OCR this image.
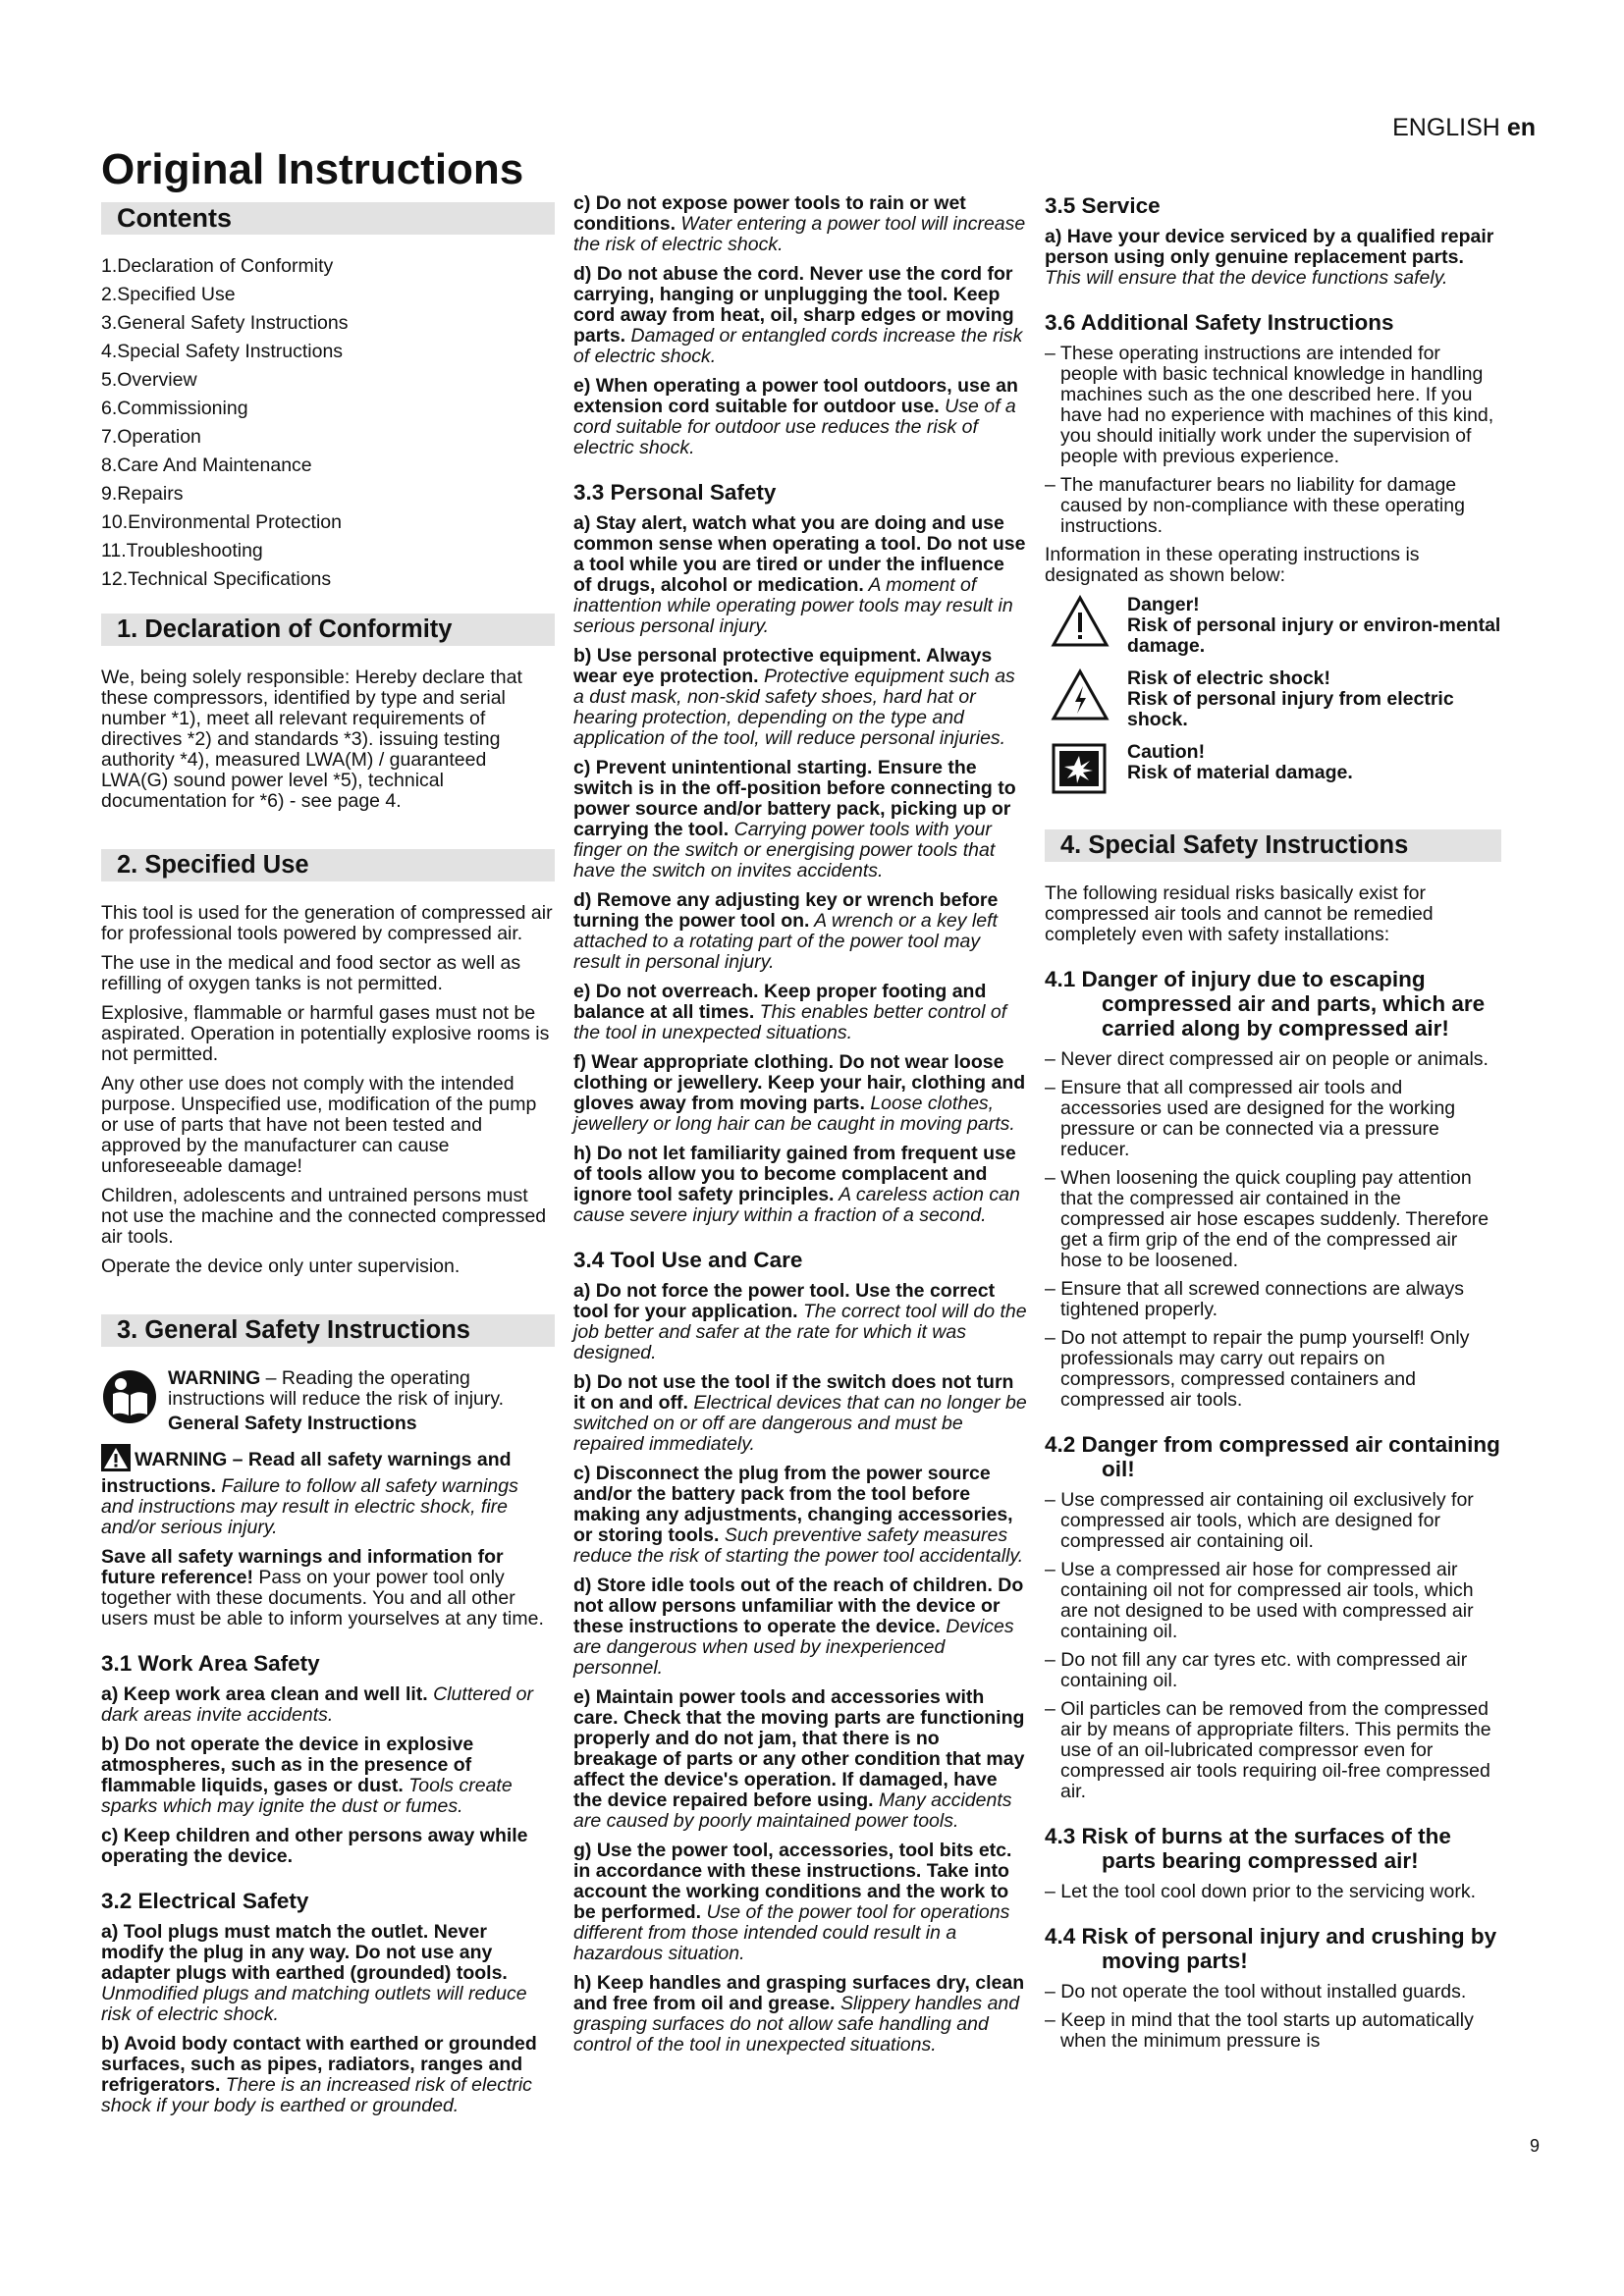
ENGLISH en
Original Instructions
Contents
1.Declaration of Conformity
2.Specified Use
3.General Safety Instructions
4.Special Safety Instructions
5.Overview
6.Commissioning
7.Operation
8.Care And Maintenance
9.Repairs
10.Environmental Protection
11.Troubleshooting
12.Technical Specifications
1. Declaration of Conformity

We, being solely responsible: Hereby declare that these compressors, identified by type and serial number *1), meet all relevant requirements of directives *2) and standards *3). issuing testing authority *4), measured LWA(M) / guaranteed LWA(G) sound power level *5), technical documentation for *6) - see page 4.

2. Specified Use

This tool is used for the generation of compressed air for professional tools powered by compressed air.

The use in the medical and food sector as well as refilling of oxygen tanks is not permitted.

Explosive, flammable or harmful gases must not be aspirated. Operation in potentially explosive rooms is not permitted.

Any other use does not comply with the intended purpose. Unspecified use, modification of the pump or use of parts that have not been tested and approved by the manufacturer can cause unforeseeable damage!

Children, adolescents and untrained persons must not use the machine and the connected compressed air tools.

Operate the device only unter supervision.

3. General Safety Instructions
WARNING – Reading the operating instructions will reduce the risk of injury.
General Safety Instructions

WARNING – Read all safety warnings and instructions. Failure to follow all safety warnings and instructions may result in electric shock, fire and/or serious injury.

Save all safety warnings and information for future reference! Pass on your power tool only together with these documents. You and all other users must be able to inform yourselves at any time.

3.1 Work Area Safety

a) Keep work area clean and well lit. Cluttered or dark areas invite accidents.

b) Do not operate the device in explosive atmospheres, such as in the presence of flammable liquids, gases or dust. Tools create sparks which may ignite the dust or fumes.

c) Keep children and other persons away while operating the device.

3.2 Electrical Safety

a) Tool plugs must match the outlet. Never modify the plug in any way. Do not use any adapter plugs with earthed (grounded) tools. Unmodified plugs and matching outlets will reduce risk of electric shock.

b) Avoid body contact with earthed or grounded surfaces, such as pipes, radiators, ranges and refrigerators. There is an increased risk of electric shock if your body is earthed or grounded.

c) Do not expose power tools to rain or wet conditions. Water entering a power tool will increase the risk of electric shock.

d) Do not abuse the cord. Never use the cord for carrying, hanging or unplugging the tool. Keep cord away from heat, oil, sharp edges or moving parts. Damaged or entangled cords increase the risk of electric shock.

e) When operating a power tool outdoors, use an extension cord suitable for outdoor use. Use of a cord suitable for outdoor use reduces the risk of electric shock.

3.3 Personal Safety

a) Stay alert, watch what you are doing and use common sense when operating a tool. Do not use a tool while you are tired or under the influence of drugs, alcohol or medication. A moment of inattention while operating power tools may result in serious personal injury.

b) Use personal protective equipment. Always wear eye protection. Protective equipment such as a dust mask, non-skid safety shoes, hard hat or hearing protection, depending on the type and application of the tool, will reduce personal injuries.

c) Prevent unintentional starting. Ensure the switch is in the off-position before connecting to power source and/or battery pack, picking up or carrying the tool. Carrying power tools with your finger on the switch or energising power tools that have the switch on invites accidents.

d) Remove any adjusting key or wrench before turning the power tool on. A wrench or a key left attached to a rotating part of the power tool may result in personal injury.

e) Do not overreach. Keep proper footing and balance at all times. This enables better control of the tool in unexpected situations.

f) Wear appropriate clothing. Do not wear loose clothing or jewellery. Keep your hair, clothing and gloves away from moving parts. Loose clothes, jewellery or long hair can be caught in moving parts.

h) Do not let familiarity gained from frequent use of tools allow you to become complacent and ignore tool safety principles. A careless action can cause severe injury within a fraction of a second.

3.4 Tool Use and Care

a) Do not force the power tool. Use the correct tool for your application. The correct tool will do the job better and safer at the rate for which it was designed.

b) Do not use the tool if the switch does not turn it on and off. Electrical devices that can no longer be switched on or off are dangerous and must be repaired immediately.

c) Disconnect the plug from the power source and/or the battery pack from the tool before making any adjustments, changing accessories, or storing tools. Such preventive safety measures reduce the risk of starting the power tool accidentally.

d) Store idle tools out of the reach of children. Do not allow persons unfamiliar with the device or these instructions to operate the device. Devices are dangerous when used by inexperienced personnel.

e) Maintain power tools and accessories with care. Check that the moving parts are functioning properly and do not jam, that there is no breakage of parts or any other condition that may affect the device's operation. If damaged, have the device repaired before using. Many accidents are caused by poorly maintained power tools.

g) Use the power tool, accessories, tool bits etc. in accordance with these instructions. Take into account the working conditions and the work to be performed. Use of the power tool for operations different from those intended could result in a hazardous situation.

h) Keep handles and grasping surfaces dry, clean and free from oil and grease. Slippery handles and grasping surfaces do not allow safe handling and control of the tool in unexpected situations.

3.5 Service

a) Have your device serviced by a qualified repair person using only genuine replacement parts. This will ensure that the device functions safely.

3.6 Additional Safety Instructions

– These operating instructions are intended for people with basic technical knowledge in handling machines such as the one described here. If you have had no experience with machines of this kind, you should initially work under the supervision of people with previous experience.

– The manufacturer bears no liability for damage caused by non-compliance with these operating instructions.

Information in these operating instructions is designated as shown below:

Danger!
Risk of personal injury or environ-mental damage.
Risk of electric shock!
Risk of personal injury from electric shock.
Caution!
Risk of material damage.
4. Special Safety Instructions

The following residual risks basically exist for compressed air tools and cannot be remedied completely even with safety installations:

4.1 Danger of injury due to escaping compressed air and parts, which are carried along by compressed air!

– Never direct compressed air on people or animals.

– Ensure that all compressed air tools and accessories used are designed for the working pressure or can be connected via a pressure reducer.

– When loosening the quick coupling pay attention that the compressed air contained in the compressed air hose escapes suddenly. Therefore get a firm grip of the end of the compressed air hose to be loosened.

– Ensure that all screwed connections are always tightened properly.

– Do not attempt to repair the pump yourself! Only professionals may carry out repairs on compressors, compressed containers and compressed air tools.

4.2 Danger from compressed air containing oil!

– Use compressed air containing oil exclusively for compressed air tools, which are designed for compressed air containing oil.

– Use a compressed air hose for compressed air containing oil not for compressed air tools, which are not designed to be used with compressed air containing oil.

– Do not fill any car tyres etc. with compressed air containing oil.

– Oil particles can be removed from the compressed air by means of appropriate filters. This permits the use of an oil-lubricated compressor even for compressed air tools requiring oil-free compressed air.

4.3 Risk of burns at the surfaces of the parts bearing compressed air!

– Let the tool cool down prior to the servicing work.

4.4 Risk of personal injury and crushing by moving parts!

– Do not operate the tool without installed guards.

– Keep in mind that the tool starts up automatically when the minimum pressure is

9
